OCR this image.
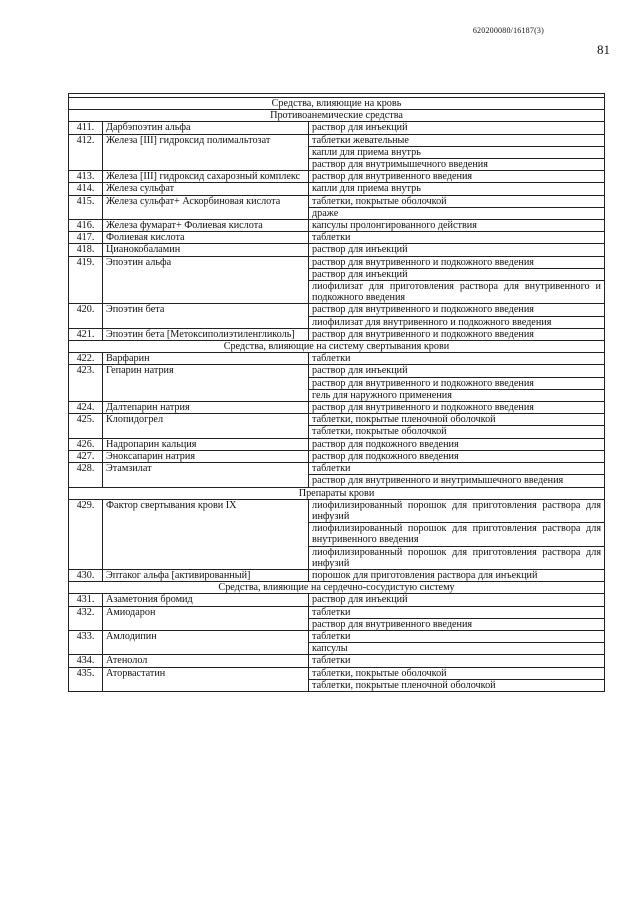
620200080/16187(3)
81

Средства, влияющие на кровь		
Противоанемические средства		
411.	Дарбэпоэтин альфа	раствор для инъекций
412.	Железа [III] гидроксид полимальтозат	таблетки жевательные
		капли для приема внутрь
		раствор для внутримышечного введения
413.	Железа [III] гидроксид сахарозный комплекс	раствор для внутривенного введения
414.	Железа сульфат	капли для приема внутрь
415.	Железа сульфат+ Аскорбиновая кислота	таблетки, покрытые оболочкой
		драже
416.	Железа фумарат+ Фолиевая кислота	капсулы пролонгированного действия
417.	Фолиевая кислота	таблетки
418.	Цианокобаламин	раствор для инъекций
419.	Эпоэтин альфа	раствор для внутривенного и подкожного введения
		раствор для инъекций
		лиофилизат для приготовления раствора для внутривенного и подкожного введения
420.	Эпоэтин бета	раствор для внутривенного и подкожного введения
		лиофилизат для внутривенного и подкожного введения
421.	Эпоэтин бета [Метоксиполиэтиленгликоль]	раствор для внутривенного и подкожного введения
Средства, влияющие на систему свертывания крови		
422.	Варфарин	таблетки
423.	Гепарин натрия	раствор для инъекций
		раствор для внутривенного и подкожного введения
		гель для наружного применения
424.	Далтепарин натрия	раствор для внутривенного и подкожного введения
425.	Клопидогрел	таблетки, покрытые пленочной оболочкой
		таблетки, покрытые оболочкой
426.	Надропарин кальция	раствор для подкожного введения
427.	Эноксапарин натрия	раствор для подкожного введения
428.	Этамзилат	таблетки
		раствор для внутривенного и внутримышечного введения
Препараты крови		
429.	Фактор свертывания крови IX	лиофилизированный порошок для приготовления раствора для инфузий
		лиофилизированный порошок для приготовления раствора для внутривенного введения
		лиофилизированный порошок для приготовления раствора для инфузий
430.	Эптаког альфа [активированный]	порошок для приготовления раствора для инъекций
Средства, влияющие на сердечно-сосудистую систему		
431.	Азаметония бромид	раствор для инъекций
432.	Амиодарон	таблетки
		раствор для внутривенного введения
433.	Амлодипин	таблетки
		капсулы
434.	Атенолол	таблетки
435.	Аторвастатин	таблетки, покрытые оболочкой
		таблетки, покрытые пленочной оболочкой
